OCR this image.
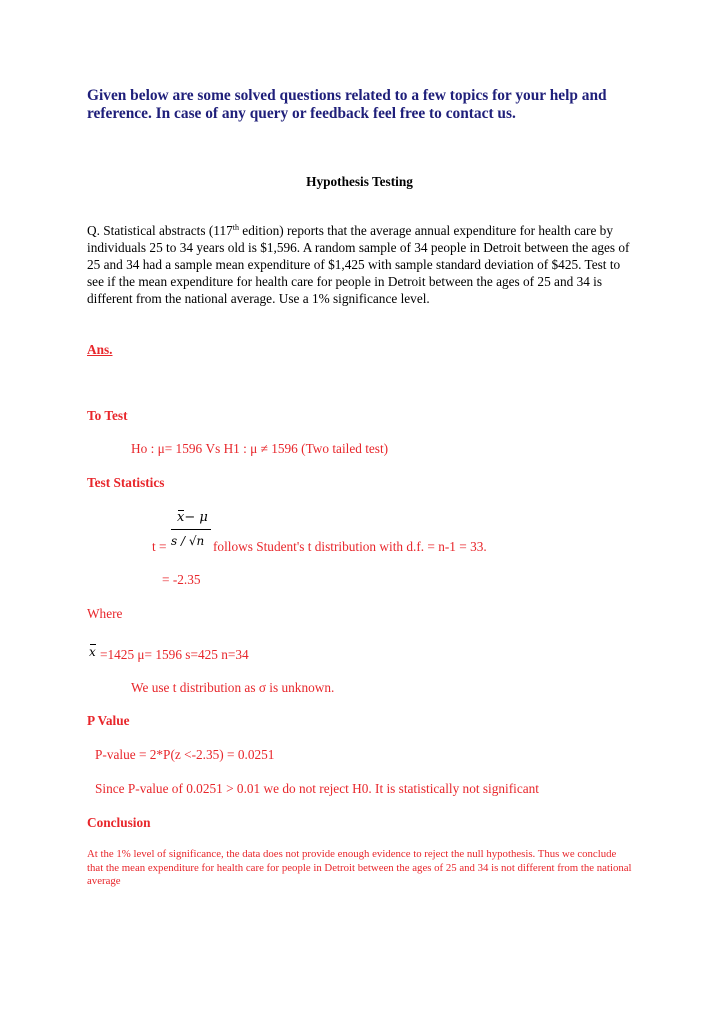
Given below are some solved questions related to a few topics for your help and reference. In case of any query or feedback feel free to contact us.
Hypothesis Testing
Q. Statistical abstracts (117th edition) reports that the average annual expenditure for health care by individuals 25 to 34 years old is $1,596. A random sample of 34 people in Detroit between the ages of 25 and 34 had a sample mean expenditure of $1,425 with sample standard deviation of $425. Test to see if the mean expenditure for health care for people in Detroit between the ages of 25 and 34 is different from the national average. Use a 1% significance level.
Ans.
To Test
Ho : μ= 1596 Vs H1 : μ ≠ 1596 (Two tailed test)
Test Statistics
x− μ
s / √n
t =	follows Student's t distribution with d.f. = n-1 = 33.
= -2.35
Where
x =1425 μ= 1596 s=425 n=34
We use t distribution as σ is unknown.
P Value
P-value = 2*P(z <-2.35) = 0.0251
Since P-value of 0.0251 > 0.01 we do not reject H0. It is statistically not significant
Conclusion
At the 1% level of significance, the data does not provide enough evidence to reject the null hypothesis. Thus we conclude that the mean expenditure for health care for people in Detroit between the ages of 25 and 34 is not different from the national average
